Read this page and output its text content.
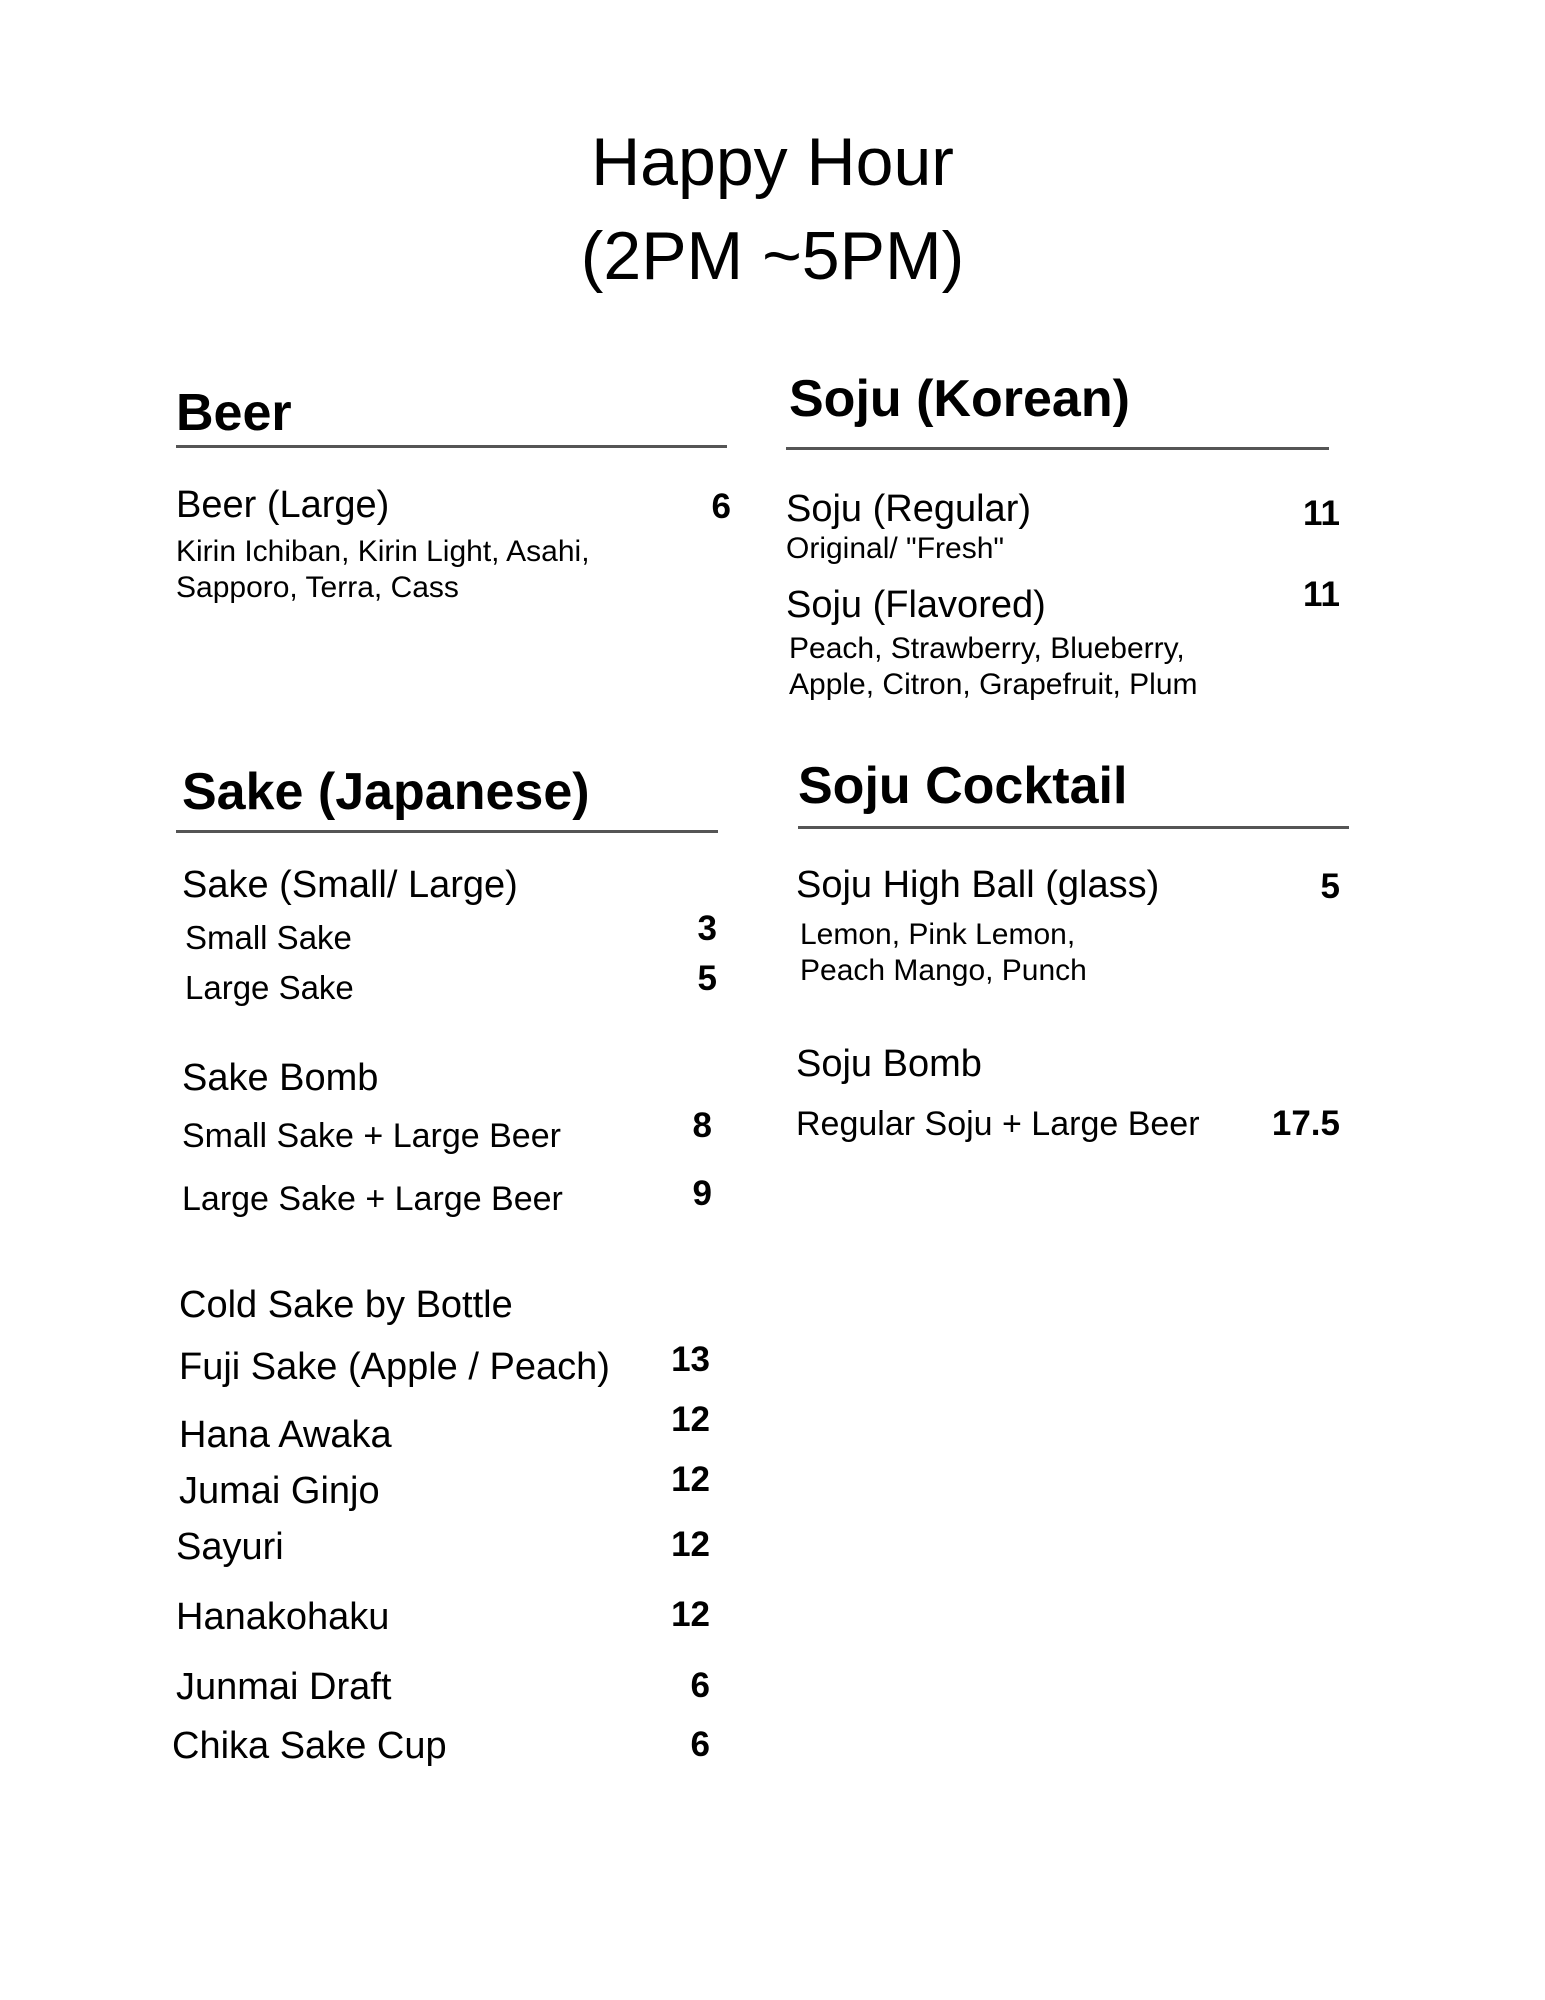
Happy Hour
(2PM ~5PM)
Beer
Beer (Large)	6
Kirin Ichiban, Kirin Light, Asahi,
Sapporo, Terra, Cass
Soju (Korean)
Soju (Regular)	11
Original/ "Fresh"
Soju (Flavored)	11
Peach, Strawberry, Blueberry,
Apple, Citron, Grapefruit, Plum
Sake (Japanese)
Sake (Small/ Large)
Small Sake	3
Large Sake	5
Sake Bomb
Small Sake + Large Beer	8
Large Sake + Large Beer	9
Cold Sake by Bottle
Fuji Sake (Apple / Peach)	13
Hana Awaka	12
Jumai Ginjo	12
Sayuri	12
Hanakohaku	12
Junmai Draft	6
Chika Sake Cup	6
Soju Cocktail
Soju High Ball (glass)	5
Lemon, Pink Lemon,
Peach Mango, Punch
Soju Bomb
Regular Soju + Large Beer	17.5
